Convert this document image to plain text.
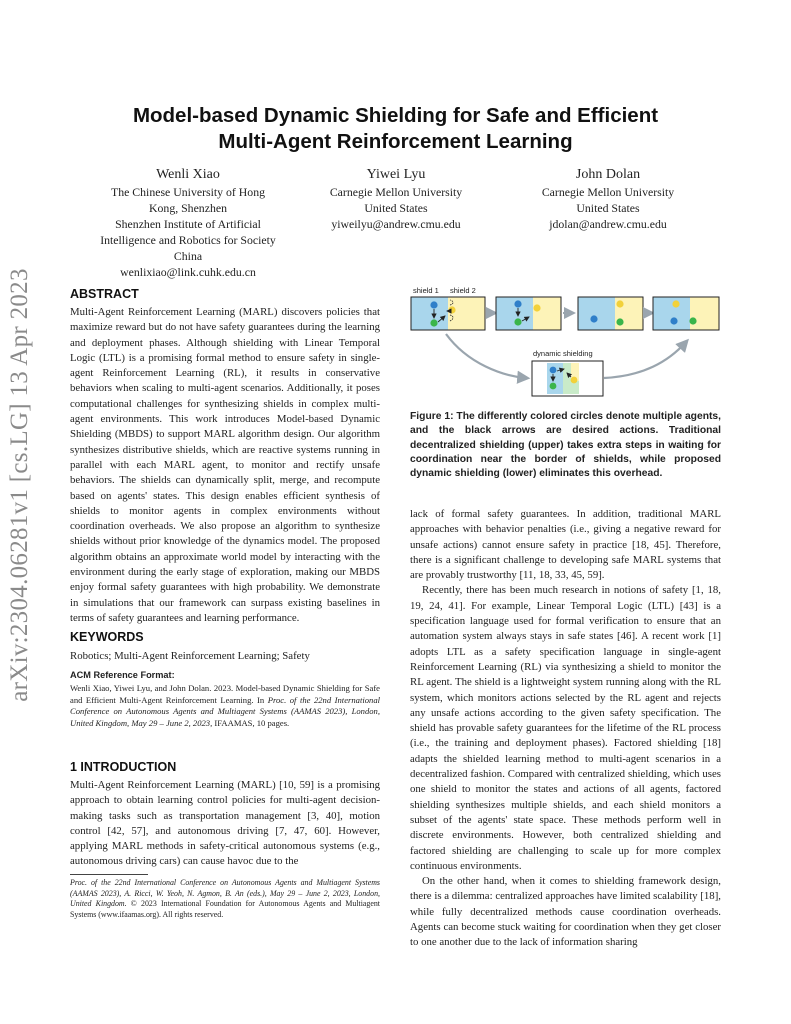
Model-based Dynamic Shielding for Safe and Efficient
Multi-Agent Reinforcement Learning
Wenli Xiao
The Chinese University of Hong
Kong, Shenzhen
Shenzhen Institute of Artificial
Intelligence and Robotics for Society
China
wenlixiao@link.cuhk.edu.cn
Yiwei Lyu
Carnegie Mellon University
United States
yiweilyu@andrew.cmu.edu
John Dolan
Carnegie Mellon University
United States
jdolan@andrew.cmu.edu
arXiv:2304.06281v1 [cs.LG] 13 Apr 2023	ABSTRACT
Multi-Agent Reinforcement Learning (MARL) discovers policies that maximize reward but do not have safety guarantees during the learning and deployment phases. Although shielding with Linear Temporal Logic (LTL) is a promising formal method to ensure safety in single-agent Reinforcement Learning (RL), it results in conservative behaviors when scaling to multi-agent scenarios. Additionally, it poses computational challenges for synthesizing shields in complex multi-agent environments. This work introduces Model-based Dynamic Shielding (MBDS) to support MARL algorithm design. Our algorithm synthesizes distributive shields, which are reactive systems running in parallel with each MARL agent, to monitor and rectify unsafe behaviors. The shields can dynamically split, merge, and recompute based on agents' states. This design enables efficient synthesis of shields to monitor agents in complex environments without coordination overheads. We also propose an algorithm to synthesize shields without prior knowledge of the dynamics model. The proposed algorithm obtains an approximate world model by interacting with the environment during the early stage of exploration, making our MBDS enjoy formal safety guarantees with high probability. We demonstrate in simulations that our framework can surpass existing baselines in terms of safety guarantees and learning performance.
KEYWORDS
Robotics; Multi-Agent Reinforcement Learning; Safety
ACM Reference Format:
Wenli Xiao, Yiwei Lyu, and John Dolan. 2023. Model-based Dynamic Shielding for Safe and Efficient Multi-Agent Reinforcement Learning. In Proc. of the 22nd International Conference on Autonomous Agents and Multiagent Systems (AAMAS 2023), London, United Kingdom, May 29 – June 2, 2023, IFAAMAS, 10 pages.
1 INTRODUCTION
Multi-Agent Reinforcement Learning (MARL) [10, 59] is a promising approach to obtain learning control policies for multi-agent decision-making tasks such as transportation management [3, 40], motion control [42, 57], and autonomous driving [7, 47, 60]. However, applying MARL methods in safety-critical autonomous systems (e.g., autonomous driving cars) can cause havoc due to the
Proc. of the 22nd International Conference on Autonomous Agents and Multiagent Systems (AAMAS 2023), A. Ricci, W. Yeoh, N. Agmon, B. An (eds.), May 29 – June 2, 2023, London, United Kingdom. © 2023 International Foundation for Autonomous Agents and Multiagent Systems (www.ifaamas.org). All rights reserved.
shield 1 shield 2
dynamic shielding
Figure 1: The differently colored circles denote multiple agents, and the black arrows are desired actions. Traditional decentralized shielding (upper) takes extra steps in waiting for coordination near the border of shields, while proposed dynamic shielding (lower) eliminates this overhead.

lack of formal safety guarantees. In addition, traditional MARL approaches with behavior penalties (i.e., giving a negative reward for unsafe actions) cannot ensure safety in practice [18, 45]. Therefore, there is a significant challenge to developing safe MARL systems that are provably trustworthy [11, 18, 33, 45, 59].

Recently, there has been much research in notions of safety [1, 18, 19, 24, 41]. For example, Linear Temporal Logic (LTL) [43] is a specification language used for formal verification to ensure that an automation system always stays in safe states [46]. A recent work [1] adopts LTL as a safety specification language in single-agent Reinforcement Learning (RL) via synthesizing a shield to monitor the RL agent. The shield is a lightweight system running along with the RL system, which monitors actions selected by the RL agent and rejects any unsafe actions according to the given safety specification. The shield has provable safety guarantees for the lifetime of the RL process (i.e., the training and deployment phases). Factored shielding [18] adapts the shielded learning method to multi-agent scenarios in a decentralized fashion. Compared with centralized shielding, which uses one shield to monitor the states and actions of all agents, factored shielding synthesizes multiple shields, and each shield monitors a subset of the agents' state space. These methods perform well in discrete environments. However, both centralized shielding and factored shielding are challenging to scale up for more complex continuous environments.

On the other hand, when it comes to shielding framework design, there is a dilemma: centralized approaches have limited scalability [18], while fully decentralized methods cause coordination overheads. Agents can become stuck waiting for coordination when they get closer to one another due to the lack of information sharing
